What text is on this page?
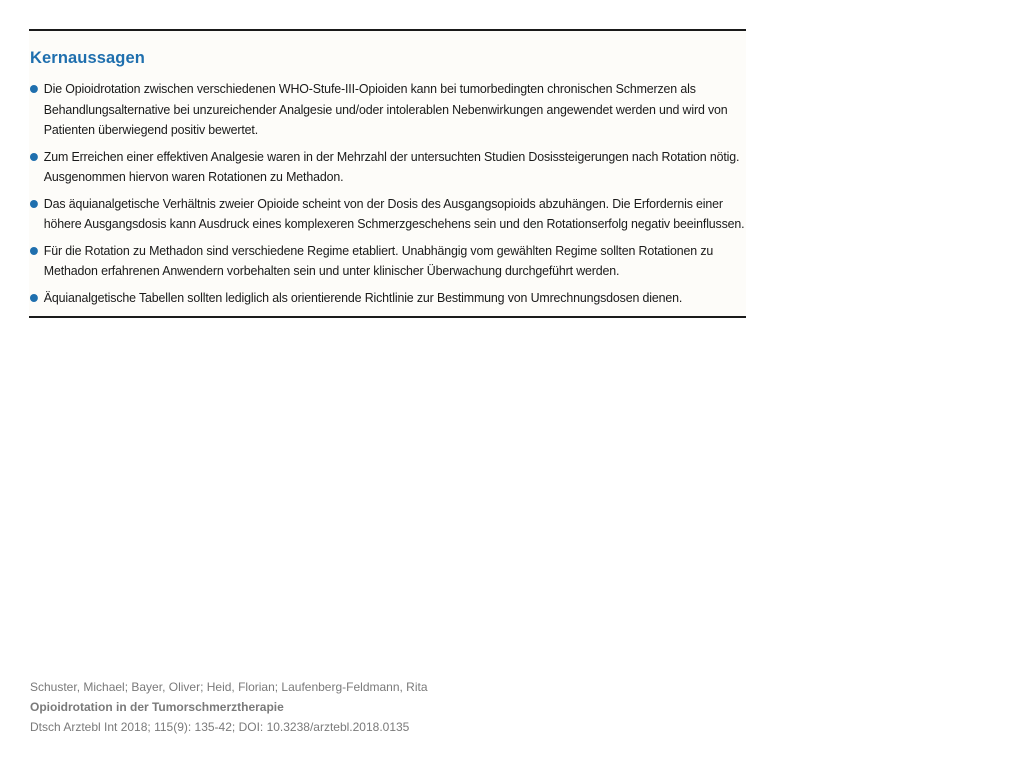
Kernaussagen
Die Opioidrotation zwischen verschiedenen WHO-Stufe-III-Opioiden kann bei tumorbedingten chronischen Schmerzen als
Behandlungsalternative bei unzureichender Analgesie und/oder intolerablen Nebenwirkungen angewendet werden und wird von
Patienten überwiegend positiv bewertet.
Zum Erreichen einer effektiven Analgesie waren in der Mehrzahl der untersuchten Studien Dosissteigerungen nach Rotation nötig.
Ausgenommen hiervon waren Rotationen zu Methadon.
Das äquianalgetische Verhältnis zweier Opioide scheint von der Dosis des Ausgangsopioids abzuhängen. Die Erfordernis einer
höhere Ausgangsdosis kann Ausdruck eines komplexeren Schmerzgeschehens sein und den Rotationserfolg negativ beeinflussen.
Für die Rotation zu Methadon sind verschiedene Regime etabliert. Unabhängig vom gewählten Regime sollten Rotationen zu
Methadon erfahrenen Anwendern vorbehalten sein und unter klinischer Überwachung durchgeführt werden.
Äquianalgetische Tabellen sollten lediglich als orientierende Richtlinie zur Bestimmung von Umrechnungsdosen dienen.
Schuster, Michael; Bayer, Oliver; Heid, Florian; Laufenberg-Feldmann, Rita
Opioidrotation in der Tumorschmerztherapie
Dtsch Arztebl Int 2018; 115(9): 135-42; DOI: 10.3238/arztebl.2018.0135
